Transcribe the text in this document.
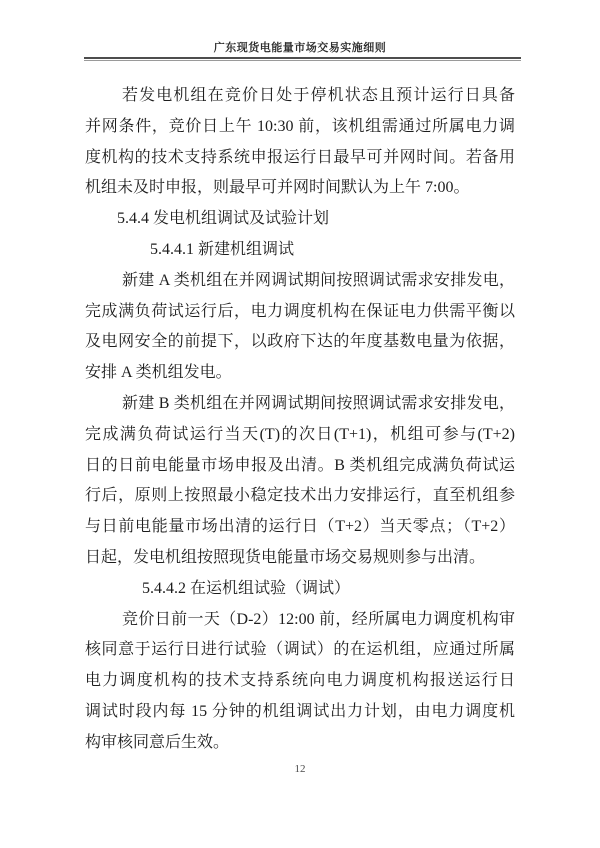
广东现货电能量市场交易实施细则
若发电机组在竞价日处于停机状态且预计运行日具备
并网条件，竞价日上午 10:30 前，该机组需通过所属电力调
度机构的技术支持系统申报运行日最早可并网时间。若备用
机组未及时申报，则最早可并网时间默认为上午 7:00。
5.4.4 发电机组调试及试验计划
5.4.4.1 新建机组调试
新建 A 类机组在并网调试期间按照调试需求安排发电，
完成满负荷试运行后，电力调度机构在保证电力供需平衡以
及电网安全的前提下，以政府下达的年度基数电量为依据，
安排 A 类机组发电。
新建 B 类机组在并网调试期间按照调试需求安排发电，
完成满负荷试运行当天(T)的次日(T+1)，机组可参与(T+2)
日的日前电能量市场申报及出清。B 类机组完成满负荷试运
行后，原则上按照最小稳定技术出力安排运行，直至机组参
与日前电能量市场出清的运行日（T+2）当天零点；（T+2）
日起，发电机组按照现货电能量市场交易规则参与出清。
5.4.4.2 在运机组试验（调试）
竞价日前一天（D-2）12:00 前，经所属电力调度机构审
核同意于运行日进行试验（调试）的在运机组，应通过所属
电力调度机构的技术支持系统向电力调度机构报送运行日
调试时段内每 15 分钟的机组调试出力计划，由电力调度机
构审核同意后生效。
12
